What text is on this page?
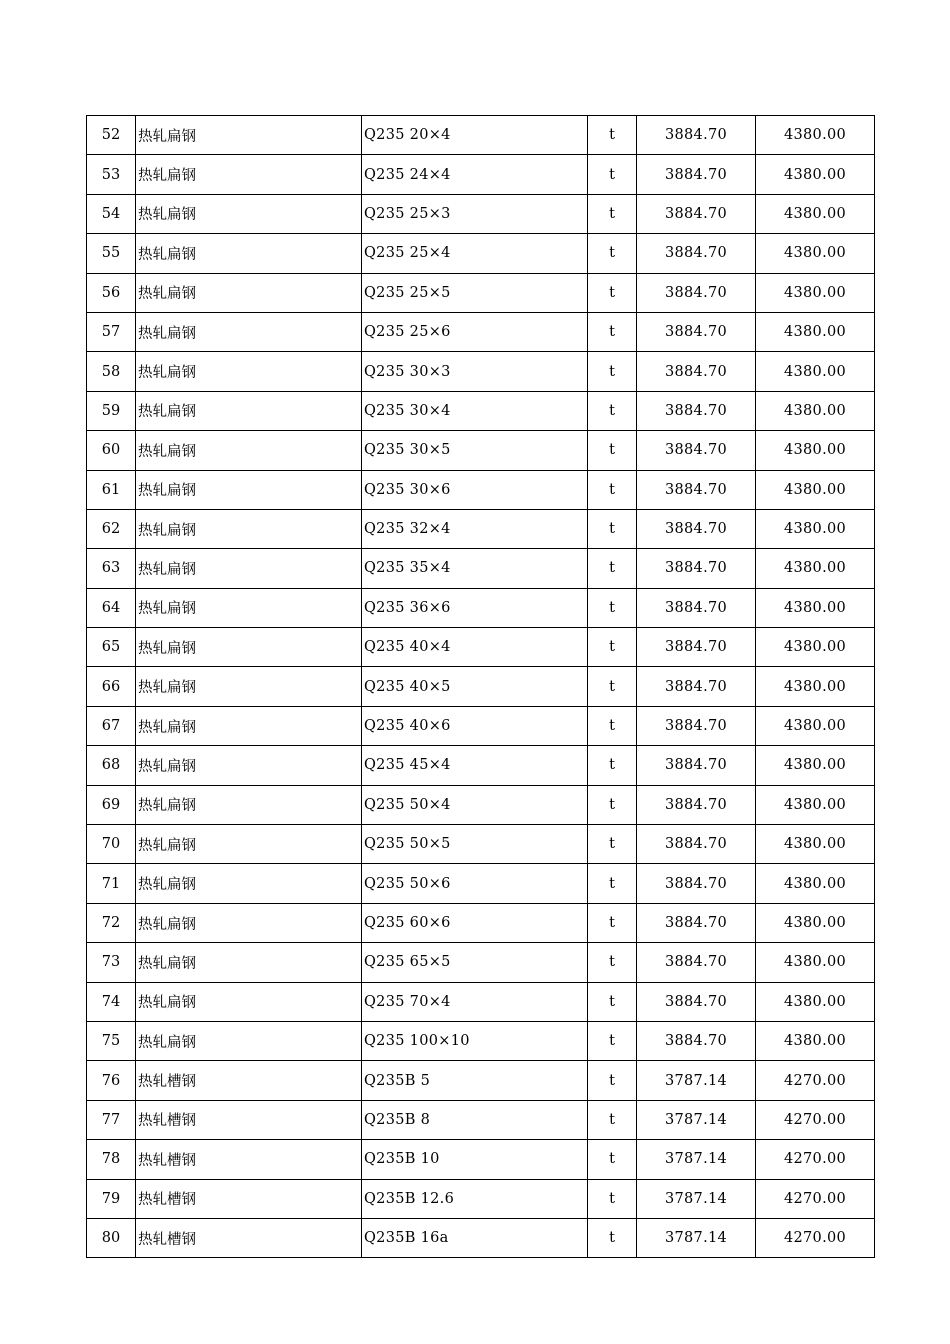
52	热轧扁钢	Q235 20×4	t	3884.70	4380.00
53	热轧扁钢	Q235 24×4	t	3884.70	4380.00
54	热轧扁钢	Q235 25×3	t	3884.70	4380.00
55	热轧扁钢	Q235 25×4	t	3884.70	4380.00
56	热轧扁钢	Q235 25×5	t	3884.70	4380.00
57	热轧扁钢	Q235 25×6	t	3884.70	4380.00
58	热轧扁钢	Q235 30×3	t	3884.70	4380.00
59	热轧扁钢	Q235 30×4	t	3884.70	4380.00
60	热轧扁钢	Q235 30×5	t	3884.70	4380.00
61	热轧扁钢	Q235 30×6	t	3884.70	4380.00
62	热轧扁钢	Q235 32×4	t	3884.70	4380.00
63	热轧扁钢	Q235 35×4	t	3884.70	4380.00
64	热轧扁钢	Q235 36×6	t	3884.70	4380.00
65	热轧扁钢	Q235 40×4	t	3884.70	4380.00
66	热轧扁钢	Q235 40×5	t	3884.70	4380.00
67	热轧扁钢	Q235 40×6	t	3884.70	4380.00
68	热轧扁钢	Q235 45×4	t	3884.70	4380.00
69	热轧扁钢	Q235 50×4	t	3884.70	4380.00
70	热轧扁钢	Q235 50×5	t	3884.70	4380.00
71	热轧扁钢	Q235 50×6	t	3884.70	4380.00
72	热轧扁钢	Q235 60×6	t	3884.70	4380.00
73	热轧扁钢	Q235 65×5	t	3884.70	4380.00
74	热轧扁钢	Q235 70×4	t	3884.70	4380.00
75	热轧扁钢	Q235 100×10	t	3884.70	4380.00
76	热轧槽钢	Q235B 5	t	3787.14	4270.00
77	热轧槽钢	Q235B 8	t	3787.14	4270.00
78	热轧槽钢	Q235B 10	t	3787.14	4270.00
79	热轧槽钢	Q235B 12.6	t	3787.14	4270.00
80	热轧槽钢	Q235B 16a	t	3787.14	4270.00
